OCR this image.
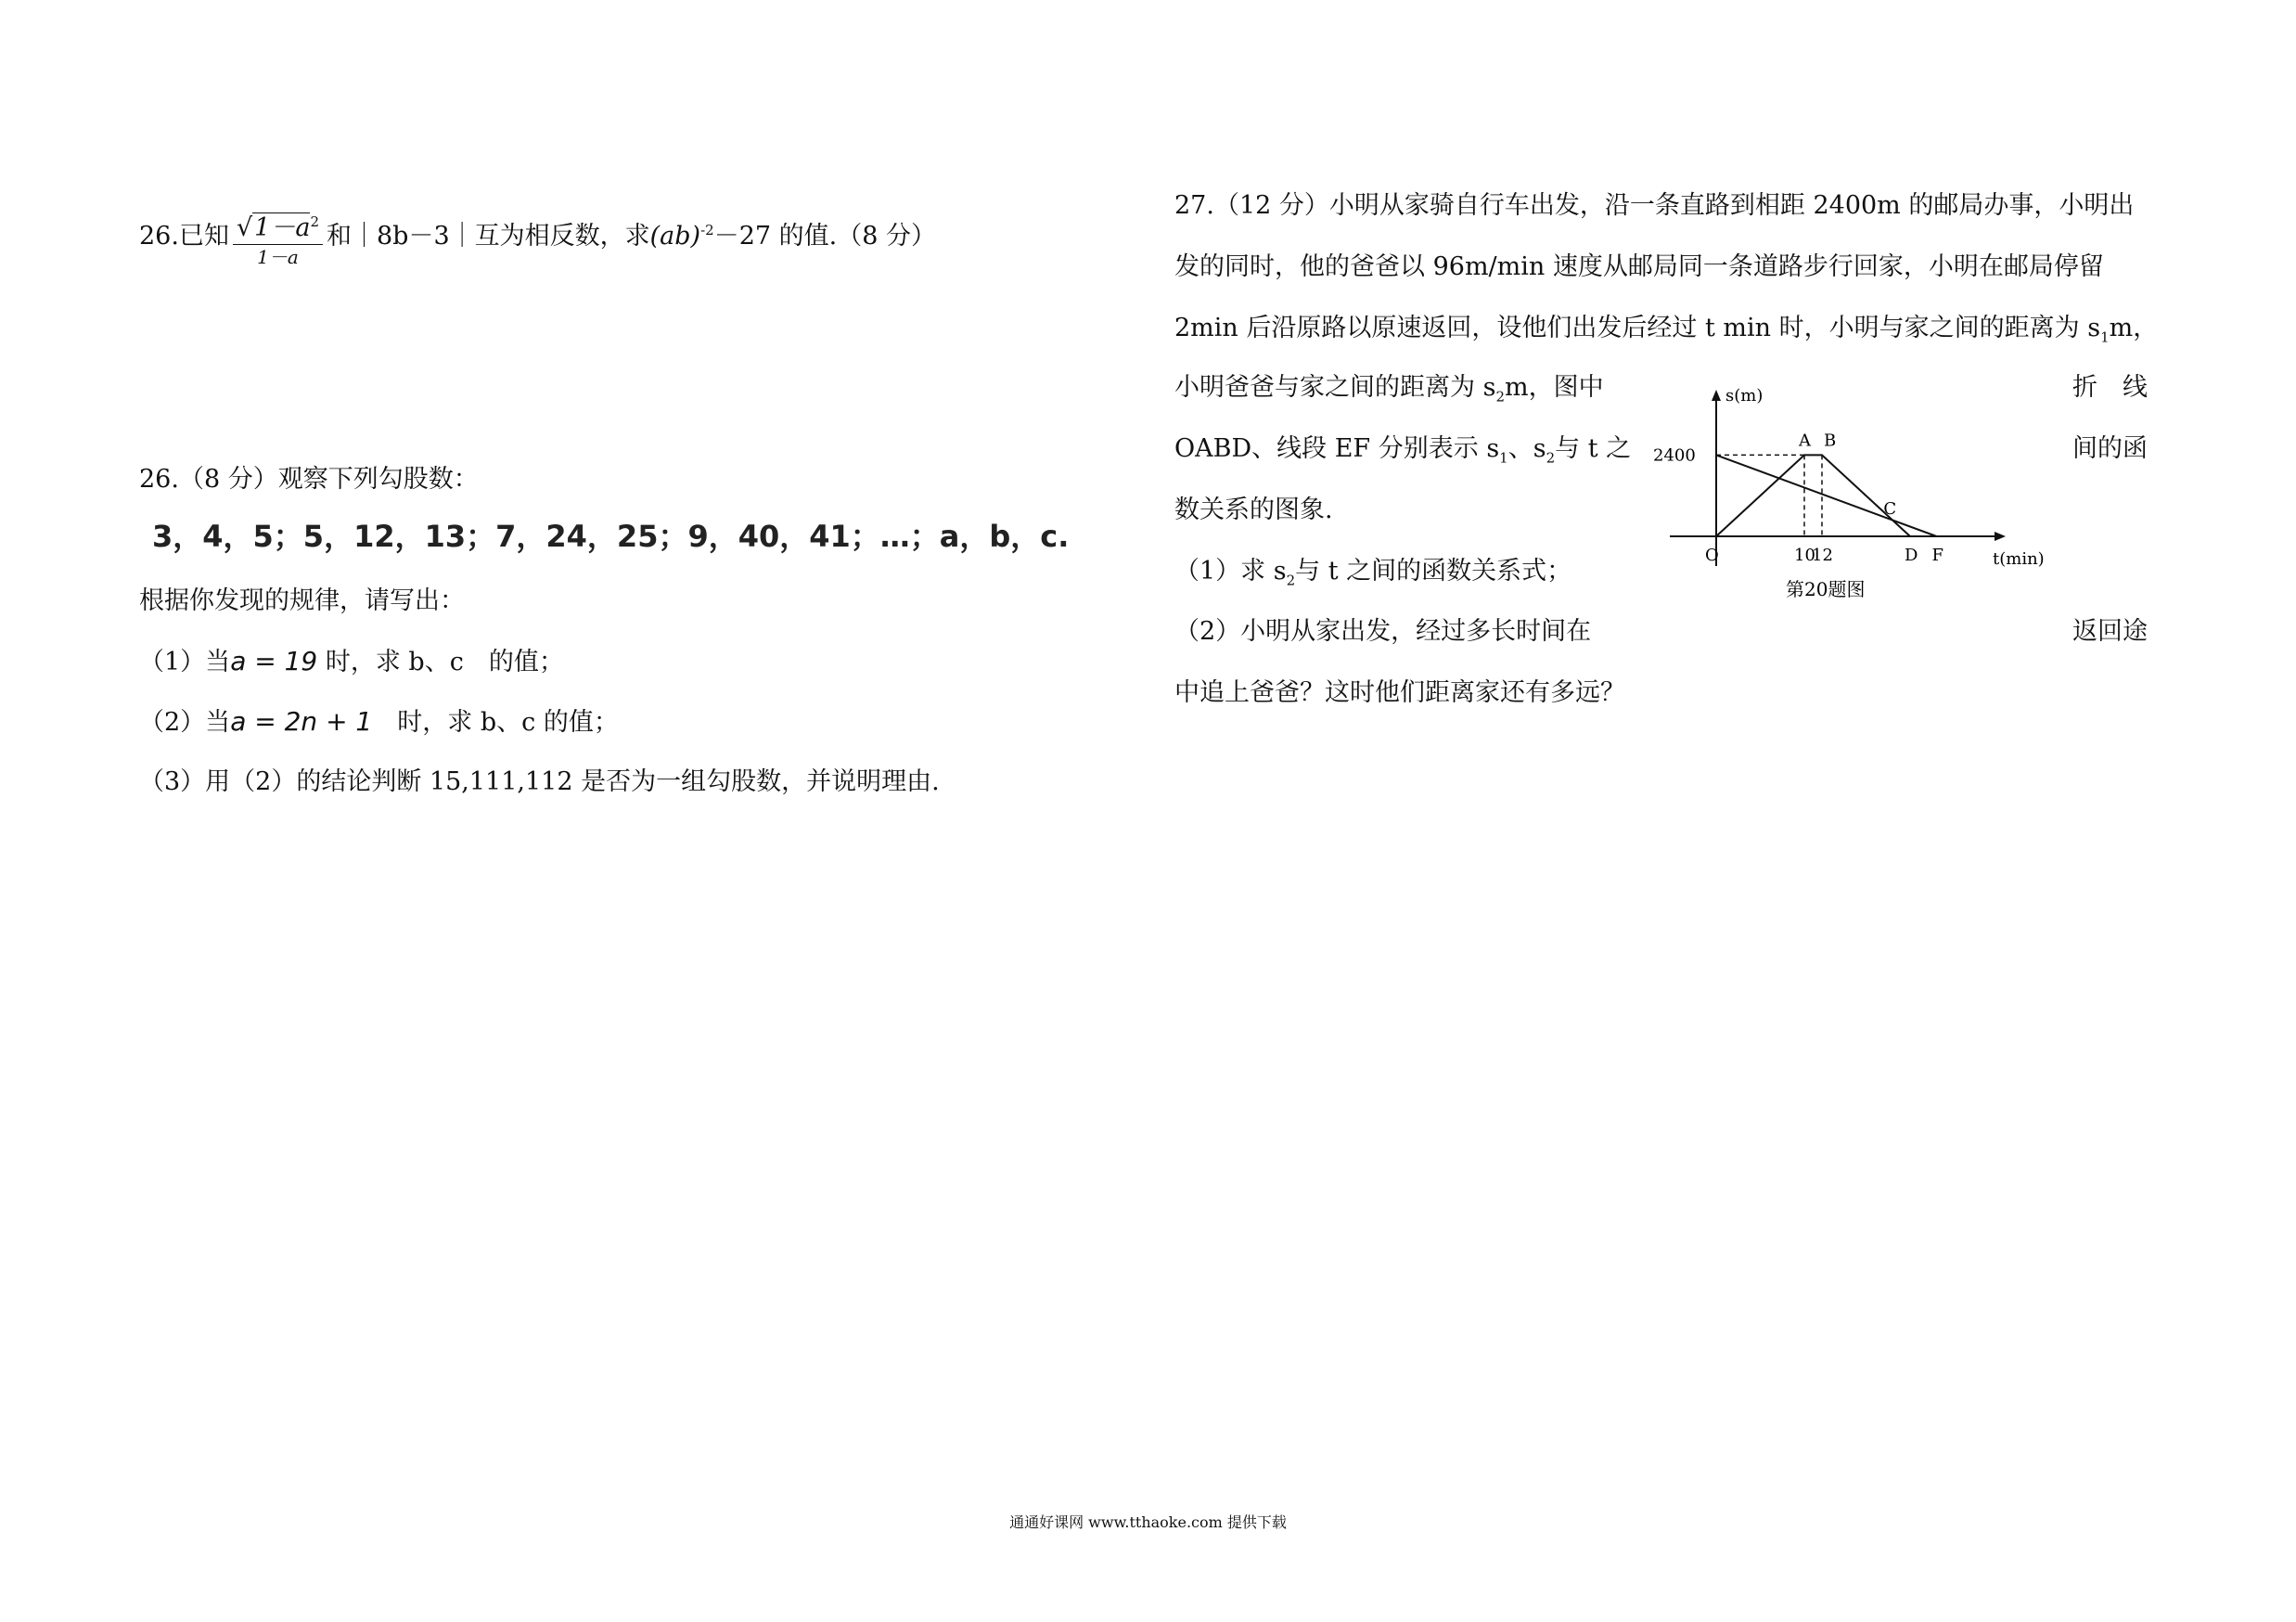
26.已知 $\frac{√1-a^2}{1-a}$ 和｜8b－3｜互为相反数，求(ab)$^{-2}$－27 的值.（8 分）
26.（8 分）观察下列勾股数：
3，4，5；5，12，13；7，24，25；9，40，41；…；a，b，c.
根据你发现的规律，请写出：
（1）当a = 19 时，求 b、c　的值；
（2）当a = 2n + 1　时，求 b、c 的值；
（3）用（2）的结论判断 15,111,112 是否为一组勾股数，并说明理由.
27.（12 分）小明从家骑自行车出发，沿一条直路到相距 2400m 的邮局办事，小明出
发的同时，他的爸爸以 96m/min 速度从邮局同一条道路步行回家，小明在邮局停留
2min 后沿原路以原速返回，设他们出发后经过 t min 时，小明与家之间的距离为 $s_1m$，
小明爸爸与家之间的距离为 $s_2m$，图中	折　线
OABD、线段 EF 分别表示 $s_1$、$s_2$与 t 之	间的函
数关系的图象.
（1）求 $s_2$与 t 之间的函数关系式；
（2）小明从家出发，经过多长时间在	返回途
中追上爸爸？这时他们距离家还有多远？
s(m)
t(min)
第20题图
2400
10
12
O
A B
C
D F
通通好课网 www.tthaoke.com 提供下载
